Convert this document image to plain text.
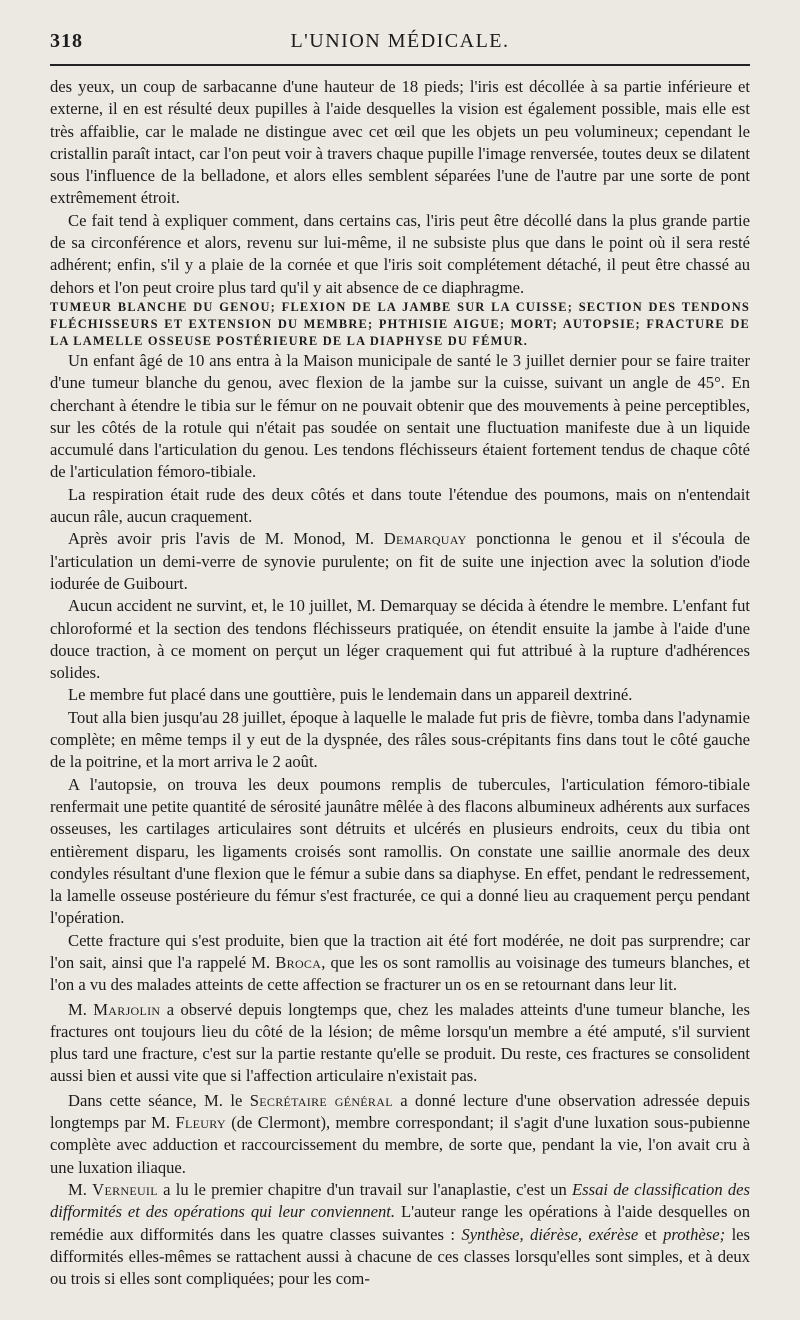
318	L'UNION MÉDICALE.

des yeux, un coup de sarbacanne d'une hauteur de 18 pieds; l'iris est décollée à sa partie inférieure et externe, il en est résulté deux pupilles à l'aide desquelles la vision est également possible, mais elle est très affaiblie, car le malade ne distingue avec cet œil que les objets un peu volumineux; cependant le cristallin paraît intact, car l'on peut voir à travers chaque pupille l'image renversée, toutes deux se dilatent sous l'influence de la belladone, et alors elles semblent séparées l'une de l'autre par une sorte de pont extrêmement étroit.

Ce fait tend à expliquer comment, dans certains cas, l'iris peut être décollé dans la plus grande partie de sa circonférence et alors, revenu sur lui-même, il ne subsiste plus que dans le point où il sera resté adhérent; enfin, s'il y a plaie de la cornée et que l'iris soit complétement détaché, il peut être chassé au dehors et l'on peut croire plus tard qu'il y ait absence de ce diaphragme.

TUMEUR BLANCHE DU GENOU; FLEXION DE LA JAMBE SUR LA CUISSE; SECTION DES TENDONS FLÉCHISSEURS ET EXTENSION DU MEMBRE; PHTHISIE AIGUE; MORT; AUTOPSIE; FRACTURE DE LA LAMELLE OSSEUSE POSTÉRIEURE DE LA DIAPHYSE DU FÉMUR.

Un enfant âgé de 10 ans entra à la Maison municipale de santé le 3 juillet dernier pour se faire traiter d'une tumeur blanche du genou, avec flexion de la jambe sur la cuisse, suivant un angle de 45°. En cherchant à étendre le tibia sur le fémur on ne pouvait obtenir que des mouvements à peine perceptibles, sur les côtés de la rotule qui n'était pas soudée on sentait une fluctuation manifeste due à un liquide accumulé dans l'articulation du genou. Les tendons fléchisseurs étaient fortement tendus de chaque côté de l'articulation fémoro-tibiale.

La respiration était rude des deux côtés et dans toute l'étendue des poumons, mais on n'entendait aucun râle, aucun craquement.

Après avoir pris l'avis de M. Monod, M. Demarquay ponctionna le genou et il s'écoula de l'articulation un demi-verre de synovie purulente; on fit de suite une injection avec la solution d'iode iodurée de Guibourt.

Aucun accident ne survint, et, le 10 juillet, M. Demarquay se décida à étendre le membre. L'enfant fut chloroformé et la section des tendons fléchisseurs pratiquée, on étendit ensuite la jambe à l'aide d'une douce traction, à ce moment on perçut un léger craquement qui fut attribué à la rupture d'adhérences solides.

Le membre fut placé dans une gouttière, puis le lendemain dans un appareil dextriné.

Tout alla bien jusqu'au 28 juillet, époque à laquelle le malade fut pris de fièvre, tomba dans l'adynamie complète; en même temps il y eut de la dyspnée, des râles sous-crépitants fins dans tout le côté gauche de la poitrine, et la mort arriva le 2 août.

A l'autopsie, on trouva les deux poumons remplis de tubercules, l'articulation fémoro-tibiale renfermait une petite quantité de sérosité jaunâtre mêlée à des flacons albumineux adhérents aux surfaces osseuses, les cartilages articulaires sont détruits et ulcérés en plusieurs endroits, ceux du tibia ont entièrement disparu, les ligaments croisés sont ramollis. On constate une saillie anormale des deux condyles résultant d'une flexion que le fémur a subie dans sa diaphyse. En effet, pendant le redressement, la lamelle osseuse postérieure du fémur s'est fracturée, ce qui a donné lieu au craquement perçu pendant l'opération.

Cette fracture qui s'est produite, bien que la traction ait été fort modérée, ne doit pas surprendre; car l'on sait, ainsi que l'a rappelé M. Broca, que les os sont ramollis au voisinage des tumeurs blanches, et l'on a vu des malades atteints de cette affection se fracturer un os en se retournant dans leur lit.

M. Marjolin a observé depuis longtemps que, chez les malades atteints d'une tumeur blanche, les fractures ont toujours lieu du côté de la lésion; de même lorsqu'un membre a été amputé, s'il survient plus tard une fracture, c'est sur la partie restante qu'elle se produit. Du reste, ces fractures se consolident aussi bien et aussi vite que si l'affection articulaire n'existait pas.

Dans cette séance, M. le Secrétaire général a donné lecture d'une observation adressée depuis longtemps par M. Fleury (de Clermont), membre correspondant; il s'agit d'une luxation sous-pubienne complète avec adduction et raccourcissement du membre, de sorte que, pendant la vie, l'on avait cru à une luxation iliaque.

M. Verneuil a lu le premier chapitre d'un travail sur l'anaplastie, c'est un Essai de classification des difformités et des opérations qui leur conviennent. L'auteur range les opérations à l'aide desquelles on remédie aux difformités dans les quatre classes suivantes : Synthèse, diérèse, exérèse et prothèse; les difformités elles-mêmes se rattachent aussi à chacune de ces classes lorsqu'elles sont simples, et à deux ou trois si elles sont compliquées; pour les com-
